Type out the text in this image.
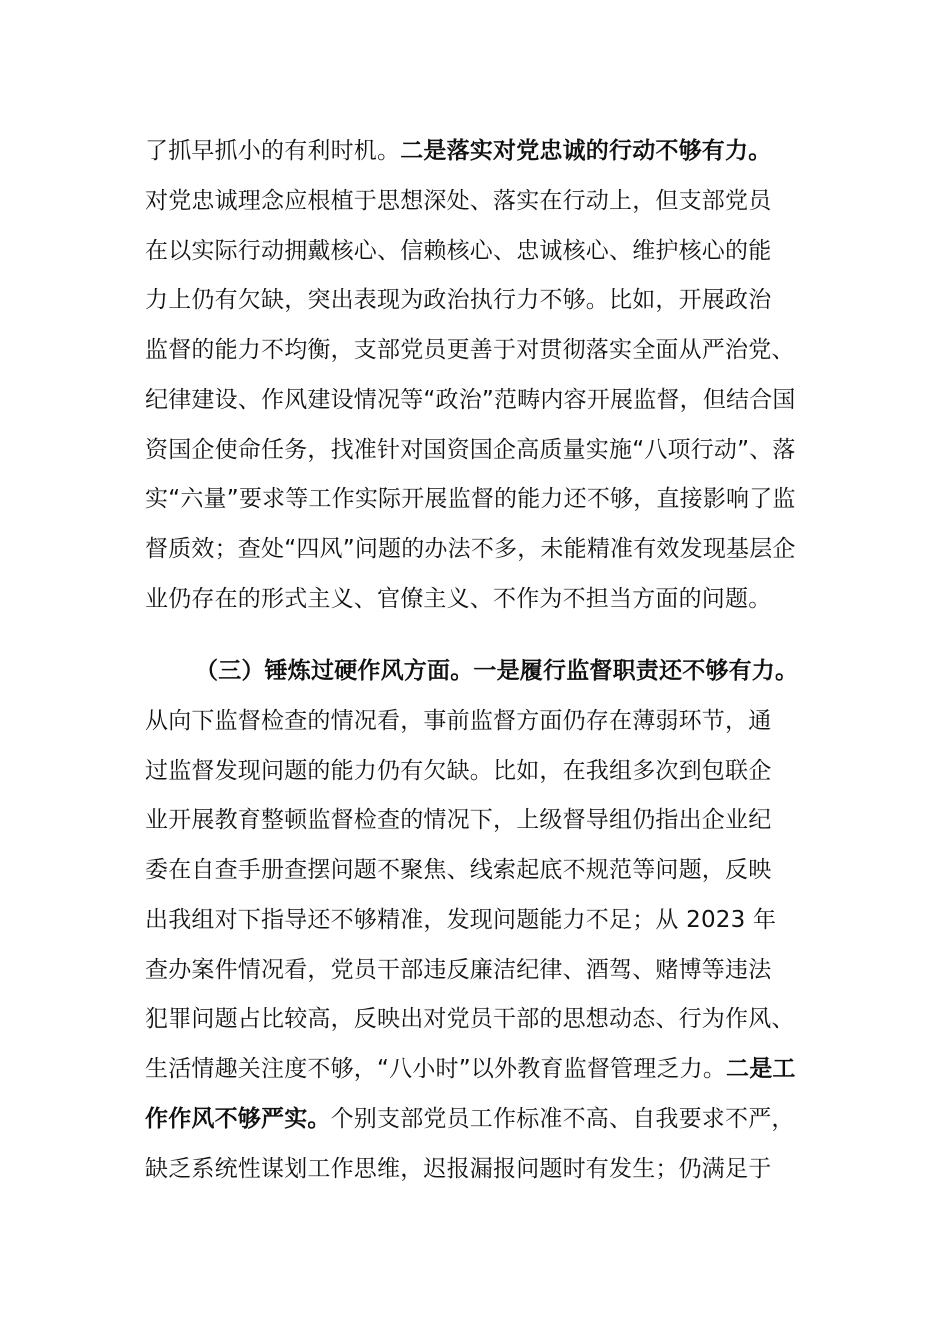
了抓早抓小的有利时机。二是落实对党忠诚的行动不够有力。
对党忠诚理念应根植于思想深处、落实在行动上，但支部党员
在以实际行动拥戴核心、信赖核心、忠诚核心、维护核心的能
力上仍有欠缺，突出表现为政治执行力不够。比如，开展政治
监督的能力不均衡，支部党员更善于对贯彻落实全面从严治党、
纪律建设、作风建设情况等“政治”范畴内容开展监督，但结合国
资国企使命任务，找准针对国资国企高质量实施“八项行动”、落
实“六量”要求等工作实际开展监督的能力还不够，直接影响了监
督质效；查处“四风”问题的办法不多，未能精准有效发现基层企
业仍存在的形式主义、官僚主义、不作为不担当方面的问题。
（三）锤炼过硬作风方面。一是履行监督职责还不够有力。
从向下监督检查的情况看，事前监督方面仍存在薄弱环节，通
过监督发现问题的能力仍有欠缺。比如，在我组多次到包联企
业开展教育整顿监督检查的情况下，上级督导组仍指出企业纪
委在自查手册查摆问题不聚焦、线索起底不规范等问题，反映
出我组对下指导还不够精准，发现问题能力不足；从 2023 年
查办案件情况看，党员干部违反廉洁纪律、酒驾、赌博等违法
犯罪问题占比较高，反映出对党员干部的思想动态、行为作风、
生活情趣关注度不够，“八小时”以外教育监督管理乏力。二是工
作作风不够严实。个别支部党员工作标准不高、自我要求不严，
缺乏系统性谋划工作思维，迟报漏报问题时有发生；仍满足于
